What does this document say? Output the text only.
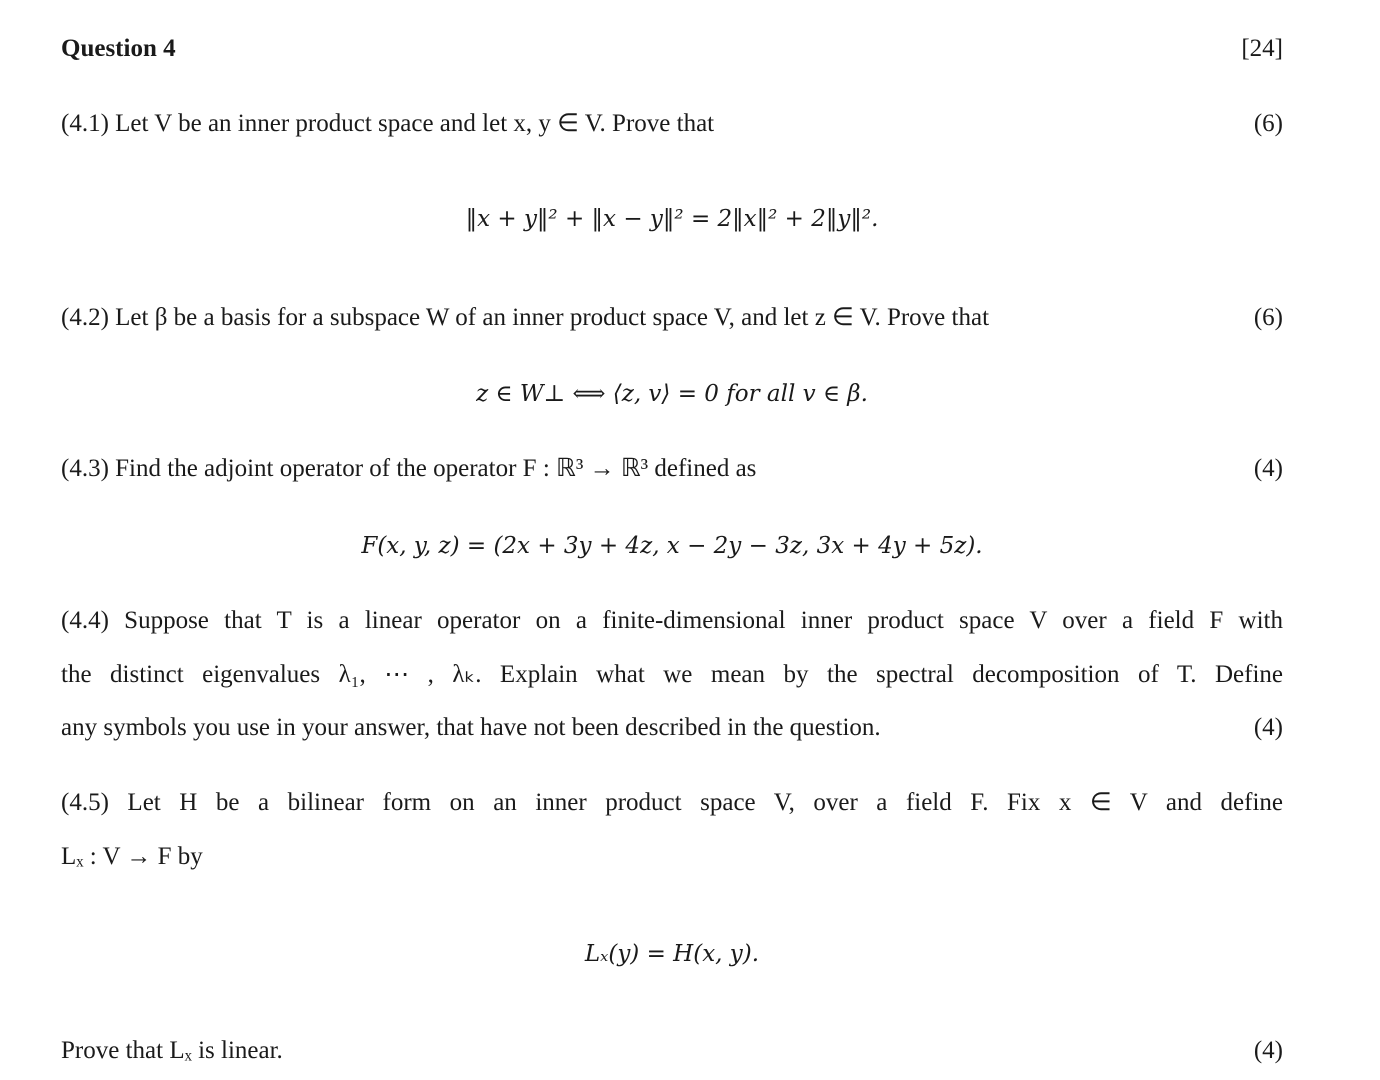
Question 4	[24]
(4.1) Let V be an inner product space and let x, y ∈ V. Prove that	(6)
‖x + y‖² + ‖x − y‖² = 2‖x‖² + 2‖y‖².
(4.2) Let β be a basis for a subspace W of an inner product space V, and let z ∈ V. Prove that	(6)
z ∈ W⊥ ⟺ ⟨z, v⟩ = 0 for all v ∈ β.
(4.3) Find the adjoint operator of the operator F : ℝ³ → ℝ³ defined as	(4)
F(x, y, z) = (2x + 3y + 4z, x − 2y − 3z, 3x + 4y + 5z).
(4.4) Suppose that T is a linear operator on a finite-dimensional inner product space V over a field F with
the distinct eigenvalues λ₁, ⋯ , λₖ. Explain what we mean by the spectral decomposition of T. Define
any symbols you use in your answer, that have not been described in the question.	(4)
(4.5) Let H be a bilinear form on an inner product space V, over a field F. Fix x ∈ V and define
Lₓ : V → F by
Lₓ(y) = H(x, y).
Prove that Lₓ is linear.	(4)
